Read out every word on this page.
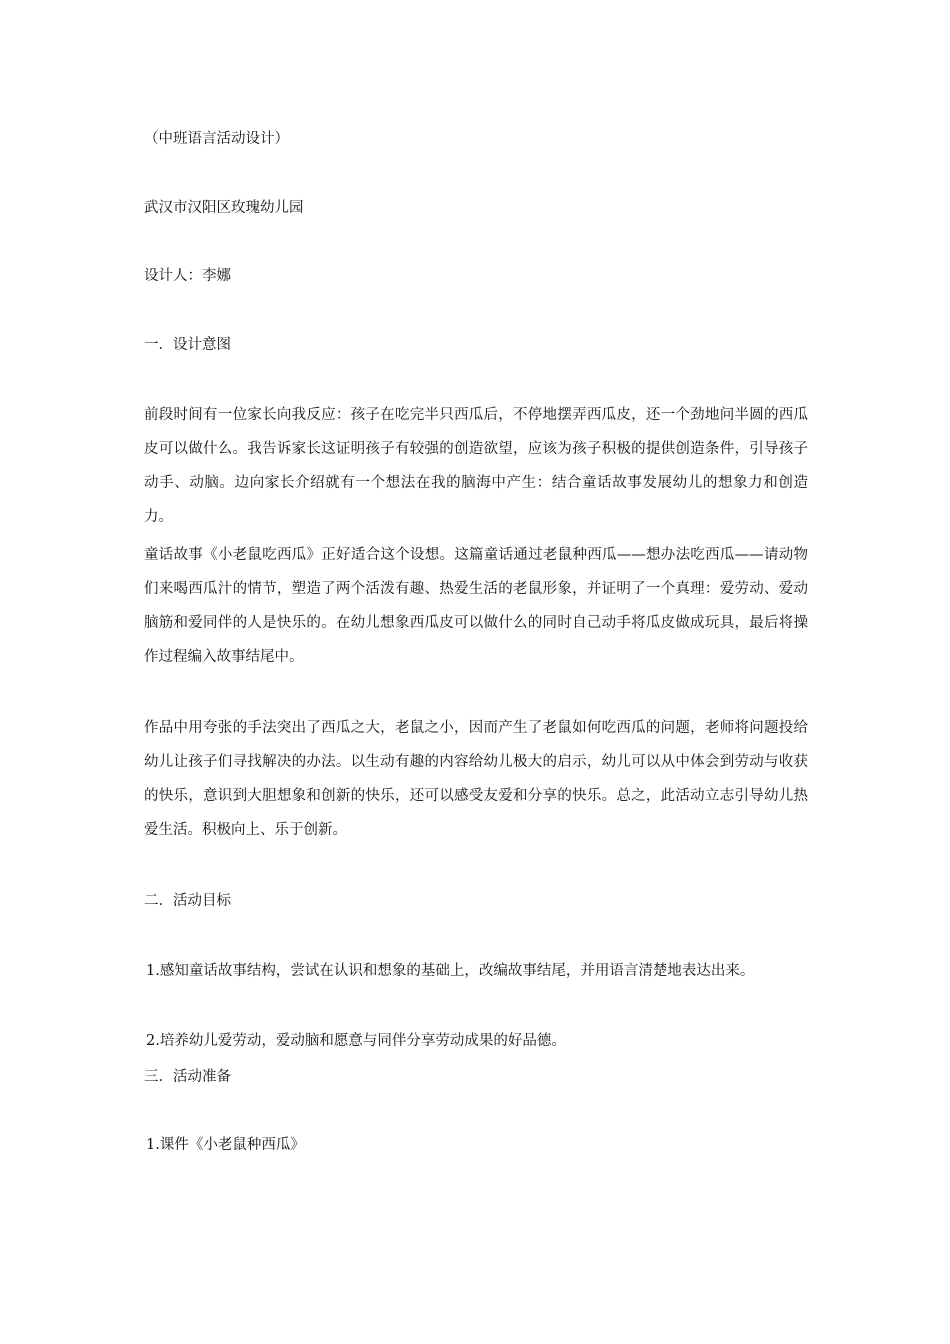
（中班语言活动设计）
武汉市汉阳区玫瑰幼儿园
设计人：李娜
一．设计意图
前段时间有一位家长向我反应：孩子在吃完半只西瓜后，不停地摆弄西瓜皮，还一个劲地问半圆的西瓜皮可以做什么。我告诉家长这证明孩子有较强的创造欲望，应该为孩子积极的提供创造条件，引导孩子动手、动脑。边向家长介绍就有一个想法在我的脑海中产生：结合童话故事发展幼儿的想象力和创造力。
童话故事《小老鼠吃西瓜》正好适合这个设想。这篇童话通过老鼠种西瓜——想办法吃西瓜——请动物们来喝西瓜汁的情节，塑造了两个活泼有趣、热爱生活的老鼠形象，并证明了一个真理：爱劳动、爱动脑筋和爱同伴的人是快乐的。在幼儿想象西瓜皮可以做什么的同时自己动手将瓜皮做成玩具，最后将操作过程编入故事结尾中。
作品中用夸张的手法突出了西瓜之大，老鼠之小，因而产生了老鼠如何吃西瓜的问题，老师将问题投给幼儿让孩子们寻找解决的办法。以生动有趣的内容给幼儿极大的启示，幼儿可以从中体会到劳动与收获的快乐，意识到大胆想象和创新的快乐，还可以感受友爱和分享的快乐。总之，此活动立志引导幼儿热爱生活。积极向上、乐于创新。
二．活动目标
1.感知童话故事结构，尝试在认识和想象的基础上，改编故事结尾，并用语言清楚地表达出来。
2.培养幼儿爱劳动，爱动脑和愿意与同伴分享劳动成果的好品德。
三．活动准备
1.课件《小老鼠种西瓜》
